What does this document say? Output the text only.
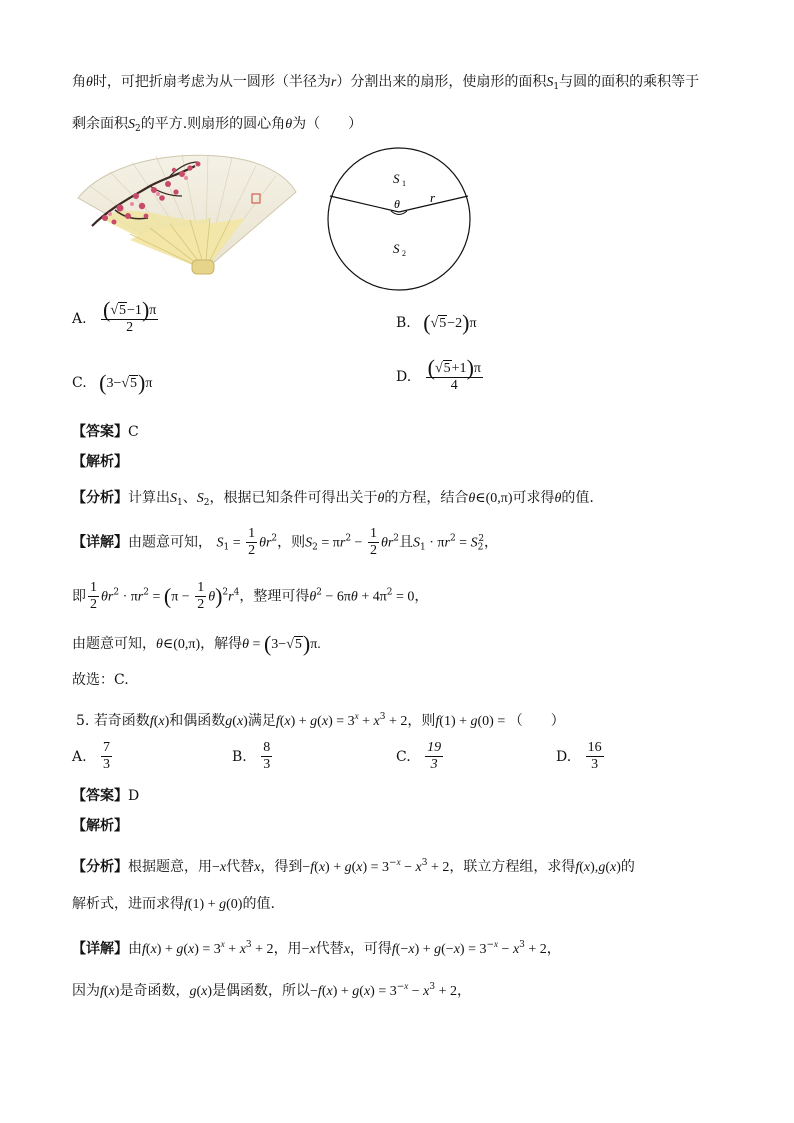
角θ时，可把折扇考虑为从一圆形（半径为r）分割出来的扇形，使扇形的面积$S_1$与圆的面积的乘积等于
剩余面积$S_2$的平方.则扇形的圆心角θ为（　　）
S 1
θ r
S 2
A. $\frac{(√5-1)\pi}{2}$	B. (√5−2)π
C. (3−√5)π	D. $\frac{(√5+1)\pi}{4}$
【答案】C
【解析】
【分析】计算出$S_1$、$S_2$，根据已知条件可得出关于θ的方程，结合θ∈(0,π)可求得θ的值.
【详解】由题意可知， $S_1 = \frac{1}{2} \theta r^2$，则$S_2 = \pi r^2 - \frac{1}{2} \theta r^2$且$S_1 \cdot \pi r^2 = S_2^2$，
即 $\frac{1}{2} \theta r^2 \cdot \pi r^2 = (\pi - \frac{1}{2} \theta)^2r^4$，整理可得$\theta^2 - 6\pi\theta + 4\pi^2 = 0$，
由题意可知，θ∈(0,π)，解得θ = (3−√5)π.
故选：C.
5. 若奇函数f(x)和偶函数g(x)满足$f(x) + g(x) = 3^x + x^3 + 2$，则f(1) + g(0) = （　　）
A. $\frac{7}{3}$	B. $\frac{8}{3}$	C. $\frac{19}{3}$	D. $\frac{16}{3}$
【答案】D
【解析】
【分析】根据题意，用−x代替x，得到$-f(x) + g(x) = 3^{-x} - x^3 + 2$，联立方程组，求得f(x),g(x)的
解析式，进而求得f(1) + g(0)的值.
【详解】由$f(x) + g(x) = 3^x + x^3 + 2$，用−x代替x，可得$f(-x) + g(-x) = 3^{-x} - x^3 + 2$，
因为f(x)是奇函数，g(x)是偶函数，所以$-f(x) + g(x) = 3^{-x} - x^3 + 2$，
